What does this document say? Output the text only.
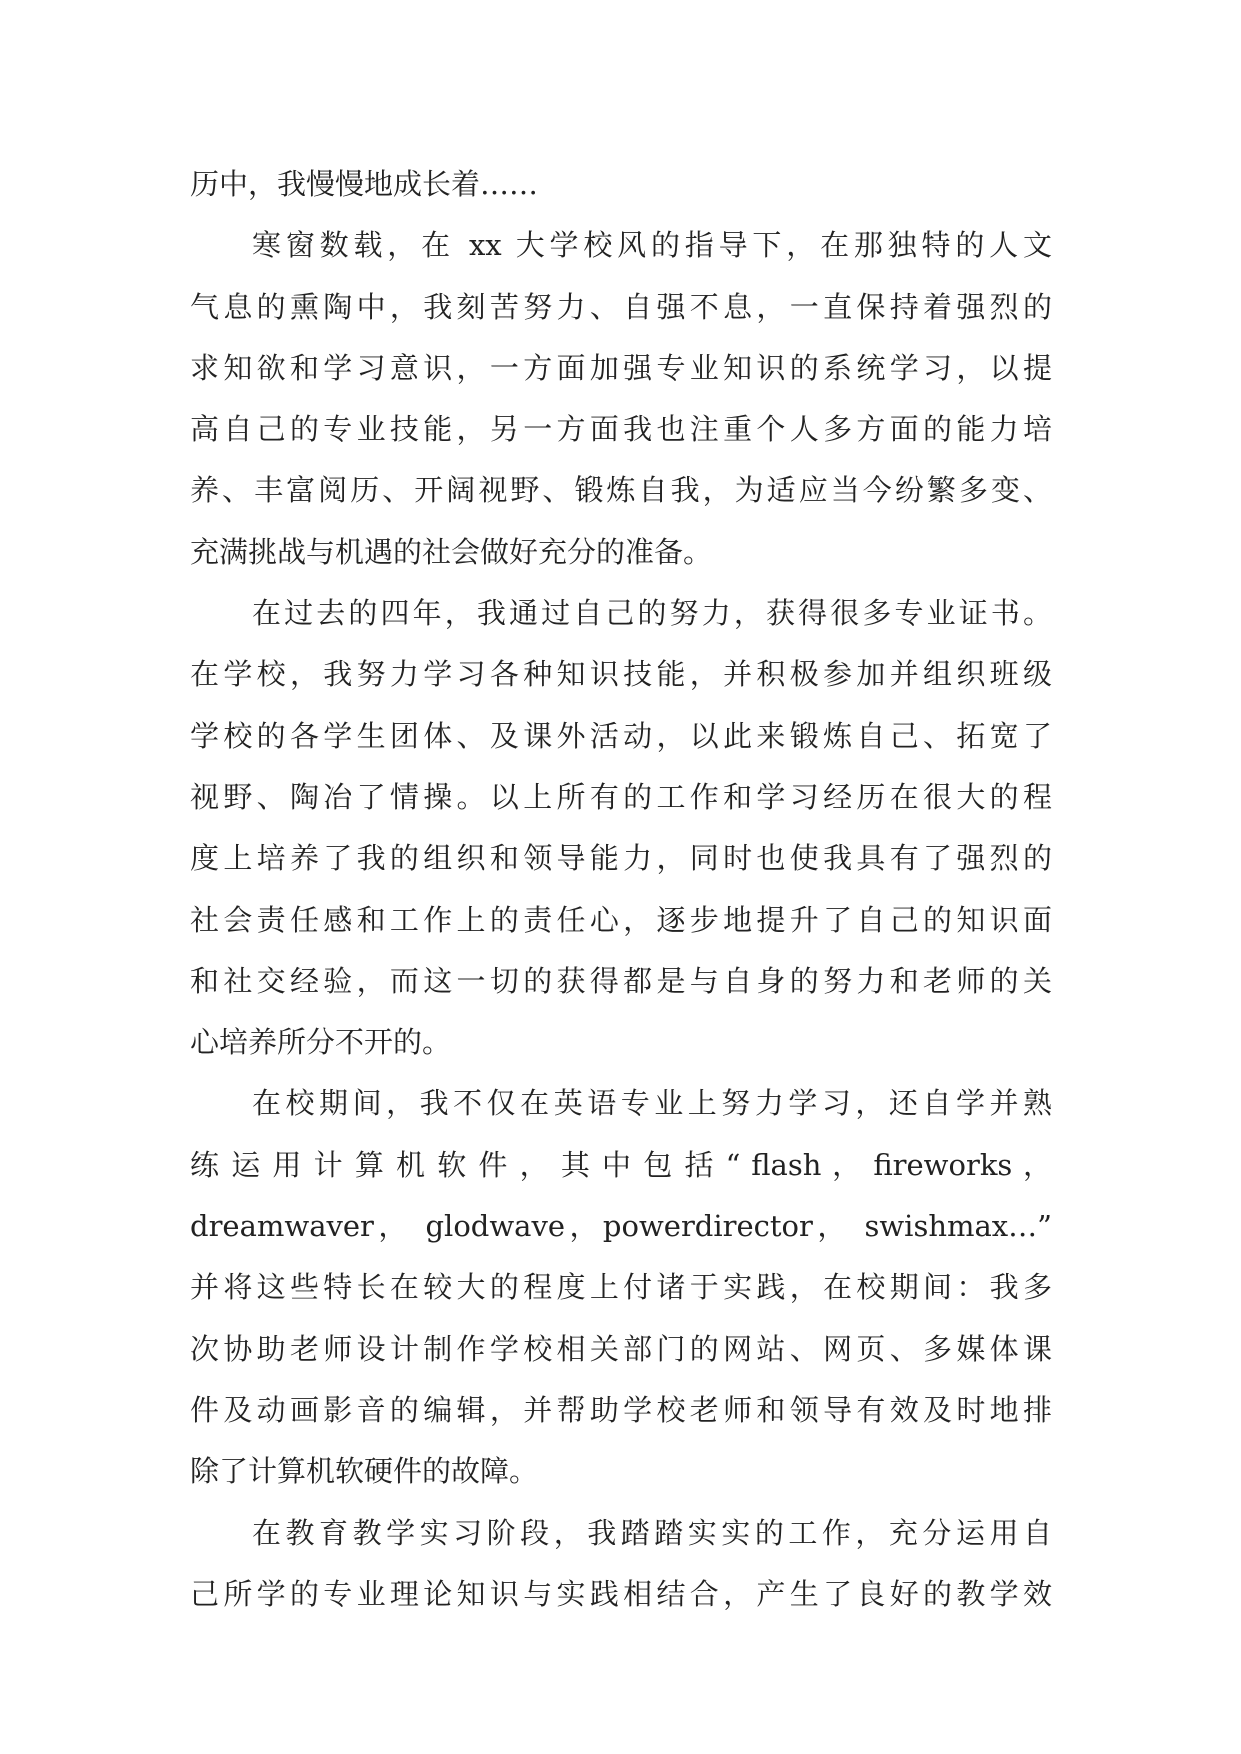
历中，我慢慢地成长着……
寒窗数载，在 xx 大学校风的指导下，在那独特的人文
气息的熏陶中，我刻苦努力、自强不息，一直保持着强烈的
求知欲和学习意识，一方面加强专业知识的系统学习，以提
高自己的专业技能，另一方面我也注重个人多方面的能力培
养、丰富阅历、开阔视野、锻炼自我，为适应当今纷繁多变、
充满挑战与机遇的社会做好充分的准备。
在过去的四年，我通过自己的努力，获得很多专业证书。
在学校，我努力学习各种知识技能，并积极参加并组织班级
学校的各学生团体、及课外活动，以此来锻炼自己、拓宽了
视野、陶冶了情操。以上所有的工作和学习经历在很大的程
度上培养了我的组织和领导能力，同时也使我具有了强烈的
社会责任感和工作上的责任心，逐步地提升了自己的知识面
和社交经验，而这一切的获得都是与自身的努力和老师的关
心培养所分不开的。
在校期间，我不仅在英语专业上努力学习，还自学并熟
练 运 用 计 算 机 软 件 ， 其 中 包 括 “ flash ， fireworks ，
dreamwaver， glodwave，powerdirector， swishmax…”
并将这些特长在较大的程度上付诸于实践，在校期间：我多
次协助老师设计制作学校相关部门的网站、网页、多媒体课
件及动画影音的编辑，并帮助学校老师和领导有效及时地排
除了计算机软硬件的故障。
在教育教学实习阶段，我踏踏实实的工作，充分运用自
己所学的专业理论知识与实践相结合，产生了良好的教学效
